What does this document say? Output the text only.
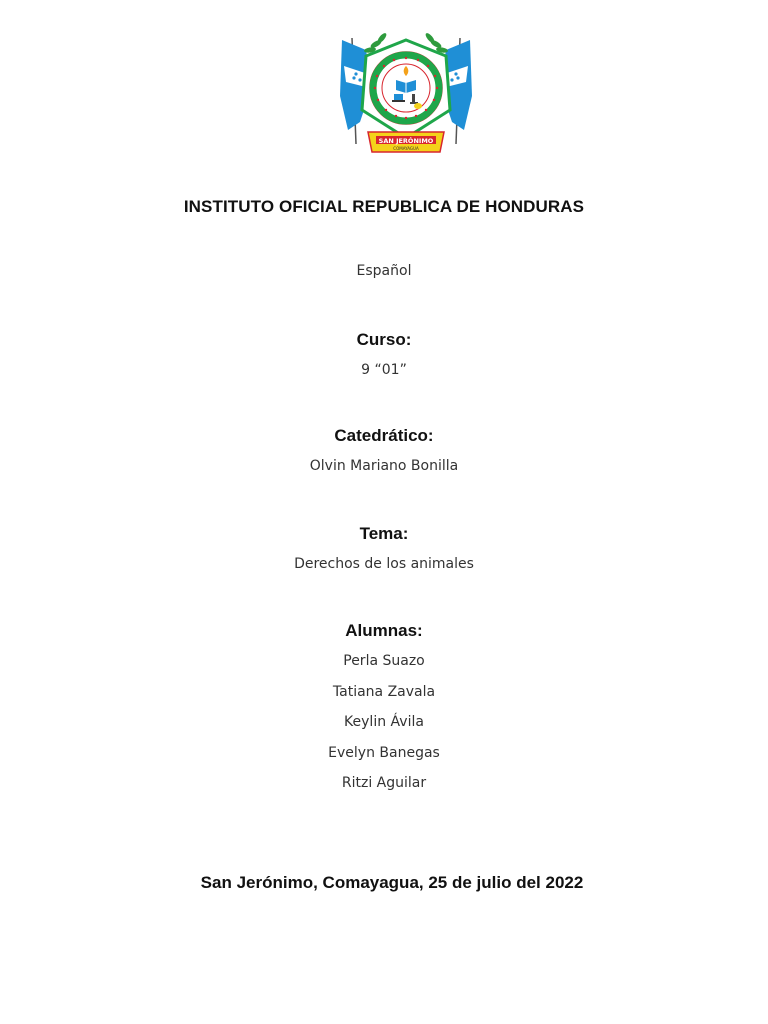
SAN JERÓNIMO
COMAYAGUA
INSTITUTO OFICIAL REPUBLICA DE HONDURAS
Español
Curso:
9 “01”
Catedrático:
Olvin Mariano Bonilla
Tema:
Derechos de los animales
Alumnas:
Perla Suazo
Tatiana Zavala
Keylin Ávila
Evelyn Banegas
Ritzi Aguilar
San Jerónimo, Comayagua, 25 de julio del 2022
